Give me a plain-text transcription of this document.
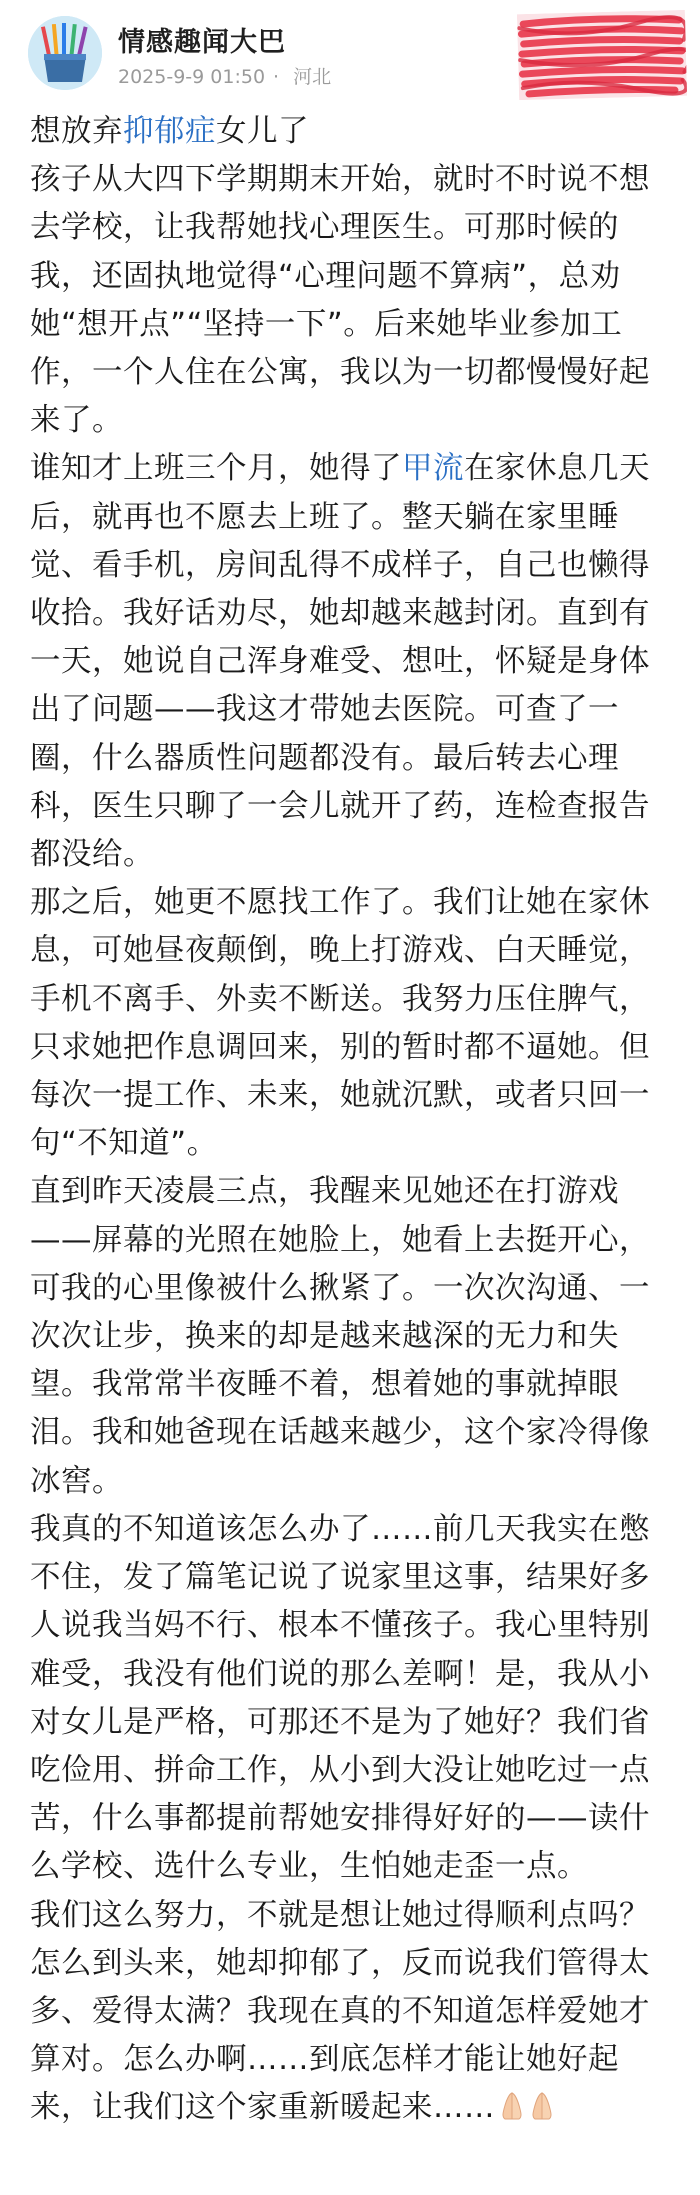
情感趣闻大巴
2025-9-9 01:50 · 河北

想放弃抑郁症女儿了

孩子从大四下学期期末开始，就时不时说不想去学校，让我帮她找心理医生。可那时候的我，还固执地觉得“心理问题不算病”，总劝她“想开点”“坚持一下”。后来她毕业参加工作，一个人住在公寓，我以为一切都慢慢好起来了。

谁知才上班三个月，她得了甲流在家休息几天后，就再也不愿去上班了。整天躺在家里睡觉、看手机，房间乱得不成样子，自己也懒得收拾。我好话劝尽，她却越来越封闭。直到有一天，她说自己浑身难受、想吐，怀疑是身体出了问题——我这才带她去医院。可查了一圈，什么器质性问题都没有。最后转去心理科，医生只聊了一会儿就开了药，连检查报告都没给。

那之后，她更不愿找工作了。我们让她在家休息，可她昼夜颠倒，晚上打游戏、白天睡觉，手机不离手、外卖不断送。我努力压住脾气，只求她把作息调回来，别的暂时都不逼她。但每次一提工作、未来，她就沉默，或者只回一句“不知道”。

直到昨天凌晨三点，我醒来见她还在打游戏——屏幕的光照在她脸上，她看上去挺开心，可我的心里像被什么揪紧了。一次次沟通、一次次让步，换来的却是越来越深的无力和失望。我常常半夜睡不着，想着她的事就掉眼泪。我和她爸现在话越来越少，这个家冷得像冰窖。

我真的不知道该怎么办了……前几天我实在憋不住，发了篇笔记说了说家里这事，结果好多人说我当妈不行、根本不懂孩子。我心里特别难受，我没有他们说的那么差啊！是，我从小对女儿是严格，可那还不是为了她好？我们省吃俭用、拼命工作，从小到大没让她吃过一点苦，什么事都提前帮她安排得好好的——读什么学校、选什么专业，生怕她走歪一点。

我们这么努力，不就是想让她过得顺利点吗？怎么到头来，她却抑郁了，反而说我们管得太多、爱得太满？我现在真的不知道怎样爱她才算对。怎么办啊……到底怎样才能让她好起来，让我们这个家重新暖起来……
